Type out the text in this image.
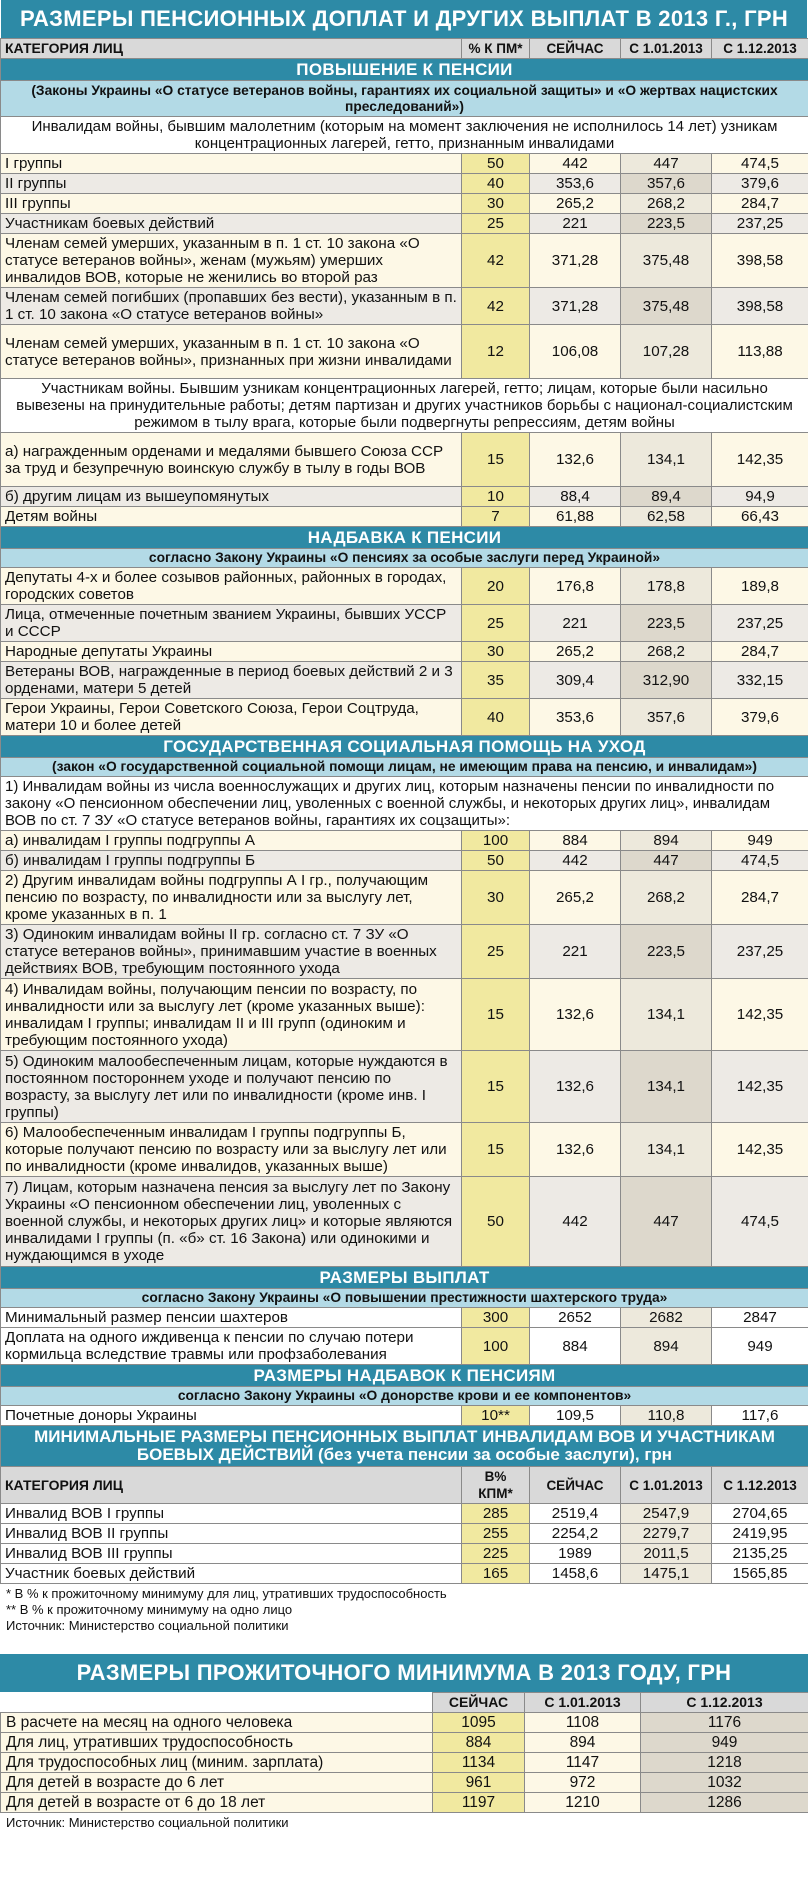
РАЗМЕРЫ ПЕНСИОННЫХ ДОПЛАТ И ДРУГИХ ВЫПЛАТ В 2013 Г., ГРН
КАТЕГОРИЯ ЛИЦ	% К ПМ*	СЕЙЧАС	С 1.01.2013	С 1.12.2013
ПОВЫШЕНИЕ К ПЕНСИИ				
(Законы Украины «О статусе ветеранов войны, гарантиях их социальной защиты» и «О жертвах нацистских преследований»)				
Инвалидам войны, бывшим малолетним (которым на момент заключения не исполнилось 14 лет) узникам концентрационных лагерей, гетто, признанным инвалидами				
I группы	50	442	447	474,5
II группы	40	353,6	357,6	379,6
III группы	30	265,2	268,2	284,7
Участникам боевых действий	25	221	223,5	237,25
Членам семей умерших, указанным в п. 1 ст. 10 закона «О статусе ветеранов войны», женам (мужьям) умерших инвалидов ВОВ, которые не женились во второй раз	42	371,28	375,48	398,58
Членам семей погибших (пропавших без вести), указанным в п. 1 ст. 10 закона «О статусе ветеранов войны»	42	371,28	375,48	398,58
Членам семей умерших, указанным в п. 1 ст. 10 закона «О статусе ветеранов войны», признанных при жизни инвалидами	12	106,08	107,28	113,88
Участникам войны. Бывшим узникам концентрационных лагерей, гетто; лицам, которые были насильно вывезены на принудительные работы; детям партизан и других участников борьбы с национал-социалистским режимом в тылу врага, которые были подвергнуты репрессиям, детям войны				
а) награжденным орденами и медалями бывшего Союза ССР за труд и безупречную воинскую службу в тылу в годы ВОВ	15	132,6	134,1	142,35
б) другим лицам из вышеупомянутых	10	88,4	89,4	94,9
Детям войны	7	61,88	62,58	66,43
НАДБАВКА К ПЕНСИИ				
согласно Закону Украины «О пенсиях за особые заслуги перед Украиной»				
Депутаты 4-х и более созывов районных, районных в городах, городских советов	20	176,8	178,8	189,8
Лица, отмеченные почетным званием Украины, бывших УССР и СССР	25	221	223,5	237,25
Народные депутаты Украины	30	265,2	268,2	284,7
Ветераны ВОВ, награжденные в период боевых действий 2 и 3 орденами, матери 5 детей	35	309,4	312,90	332,15
Герои Украины, Герои Советского Союза, Герои Соцтруда, матери 10 и более детей	40	353,6	357,6	379,6
ГОСУДАРСТВЕННАЯ СОЦИАЛЬНАЯ ПОМОЩЬ НА УХОД				
(закон «О государственной социальной помощи лицам, не имеющим права на пенсию, и инвалидам»)				
1) Инвалидам войны из числа военнослужащих и других лиц, которым назначены пенсии по инвалидности по закону «О пенсионном обеспечении лиц, уволенных с военной службы, и некоторых других лиц», инвалидам ВОВ по ст. 7 ЗУ «О статусе ветеранов войны, гарантиях их соцзащиты»:				
а) инвалидам I группы подгруппы А	100	884	894	949
б) инвалидам I группы подгруппы Б	50	442	447	474,5
2) Другим инвалидам войны подгруппы А I гр., получающим пенсию по возрасту, по инвалидности или за выслугу лет, кроме указанных в п. 1	30	265,2	268,2	284,7
3) Одиноким инвалидам войны II гр. согласно ст. 7 ЗУ «О статусе ветеранов войны», принимавшим участие в военных действиях ВОВ, требующим постоянного ухода	25	221	223,5	237,25
4) Инвалидам войны, получающим пенсии по возрасту, по инвалидности или за выслугу лет (кроме указанных выше): инвалидам I группы; инвалидам II и III групп (одиноким и требующим постоянного ухода)	15	132,6	134,1	142,35
5) Одиноким малообеспеченным лицам, которые нуждаются в постоянном постороннем уходе и получают пенсию по возрасту, за выслугу лет или по инвалидности (кроме инв. I группы)	15	132,6	134,1	142,35
6) Малообеспеченным инвалидам I группы подгруппы Б, которые получают пенсию по возрасту или за выслугу лет или по инвалидности (кроме инвалидов, указанных выше)	15	132,6	134,1	142,35
7) Лицам, которым назначена пенсия за выслугу лет по Закону Украины «О пенсионном обеспечении лиц, уволенных с военной службы, и некоторых других лиц» и которые являются инвалидами I группы (п. «б» ст. 16 Закона) или одинокими и нуждающимся в уходе	50	442	447	474,5
РАЗМЕРЫ ВЫПЛАТ				
согласно Закону Украины «О повышении престижности шахтерского труда»				
Минимальный размер пенсии шахтеров	300	2652	2682	2847
Доплата на одного иждивенца к пенсии по случаю потери кормильца вследствие травмы или профзаболевания	100	884	894	949
РАЗМЕРЫ НАДБАВОК К ПЕНСИЯМ				
согласно Закону Украины «О донорстве крови и ее компонентов»				
Почетные доноры Украины	10**	109,5	110,8	117,6
МИНИМАЛЬНЫЕ РАЗМЕРЫ ПЕНСИОННЫХ ВЫПЛАТ ИНВАЛИДАМ ВОВ И УЧАСТНИКАМ БОЕВЫХ ДЕЙСТВИЙ (без учета пенсии за особые заслуги), грн				
КАТЕГОРИЯ ЛИЦ	В% КПМ*	СЕЙЧАС	С 1.01.2013	С 1.12.2013
Инвалид ВОВ I группы	285	2519,4	2547,9	2704,65
Инвалид ВОВ II группы	255	2254,2	2279,7	2419,95
Инвалид ВОВ III группы	225	1989	2011,5	2135,25
Участник боевых действий	165	1458,6	1475,1	1565,85
* В % к прожиточному минимуму для лиц, утративших трудоспособность
** В % к прожиточному минимуму на одно лицо
Источник: Министерство социальной политики
РАЗМЕРЫ ПРОЖИТОЧНОГО МИНИМУМА В 2013 ГОДУ, ГРН
	СЕЙЧАС	С 1.01.2013	С 1.12.2013
В расчете на месяц на одного человека	1095	1108	1176
Для лиц, утративших трудоспособность	884	894	949
Для трудоспособных лиц (миним. зарплата)	1134	1147	1218
Для детей в возрасте до 6 лет	961	972	1032
Для детей в возрасте от 6 до 18 лет	1197	1210	1286
Источник: Министерство социальной политики
